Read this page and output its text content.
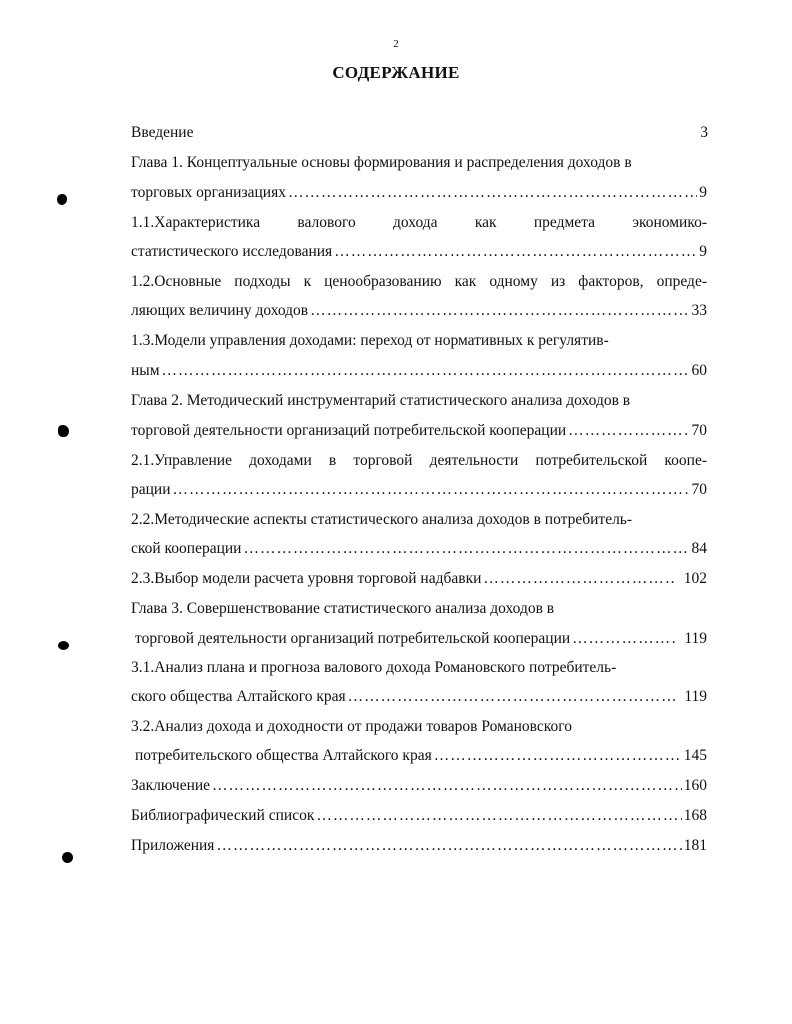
2
СОДЕРЖАНИЕ
Введение	3
Глава 1. Концептуальные основы формирования и распределения доходов в
торговых организациях …………………………………………………………………………………………………………………………………………………………………………………………………	9
1.1.Характеристика валового дохода как предмета экономико-
статистического исследования …………………………………………………………………………………………………………………………………………………………………………………………………	9
1.2.Основные подходы к ценообразованию как одному из факторов, опреде-
ляющих величину доходов …………………………………………………………………………………………………………………………………………………………………………………………………	33
1.3.Модели управления доходами: переход от нормативных к регулятив-
ным …………………………………………………………………………………………………………………………………………………………………………………………………	60
Глава 2. Методический инструментарий статистического анализа доходов в
торговой деятельности организаций потребительской кооперации …………………………………………………………………………………………………………………………………………………………………………………………………	70
2.1.Управление доходами в торговой деятельности потребительской коопе-
рации …………………………………………………………………………………………………………………………………………………………………………………………………	70
2.2.Методические аспекты статистического анализа доходов в потребитель-
ской кооперации …………………………………………………………………………………………………………………………………………………………………………………………………	84
2.3.Выбор модели расчета уровня торговой надбавки …………………………………………………………………………………………………………………………………………………………………………………………………	102
Глава 3. Совершенствование статистического анализа доходов в
торговой деятельности организаций потребительской кооперации …………………………………………………………………………………………………………………………………………………………………………………………………	119
3.1.Анализ плана и прогноза валового дохода Романовского потребитель-
ского общества Алтайского края …………………………………………………………………………………………………………………………………………………………………………………………………	119
3.2.Анализ дохода и доходности от продажи товаров Романовского
потребительского общества Алтайского края …………………………………………………………………………………………………………………………………………………………………………………………………	145
Заключение …………………………………………………………………………………………………………………………………………………………………………………………………	160
Библиографический список …………………………………………………………………………………………………………………………………………………………………………………………………	168
Приложения …………………………………………………………………………………………………………………………………………………………………………………………………	181
